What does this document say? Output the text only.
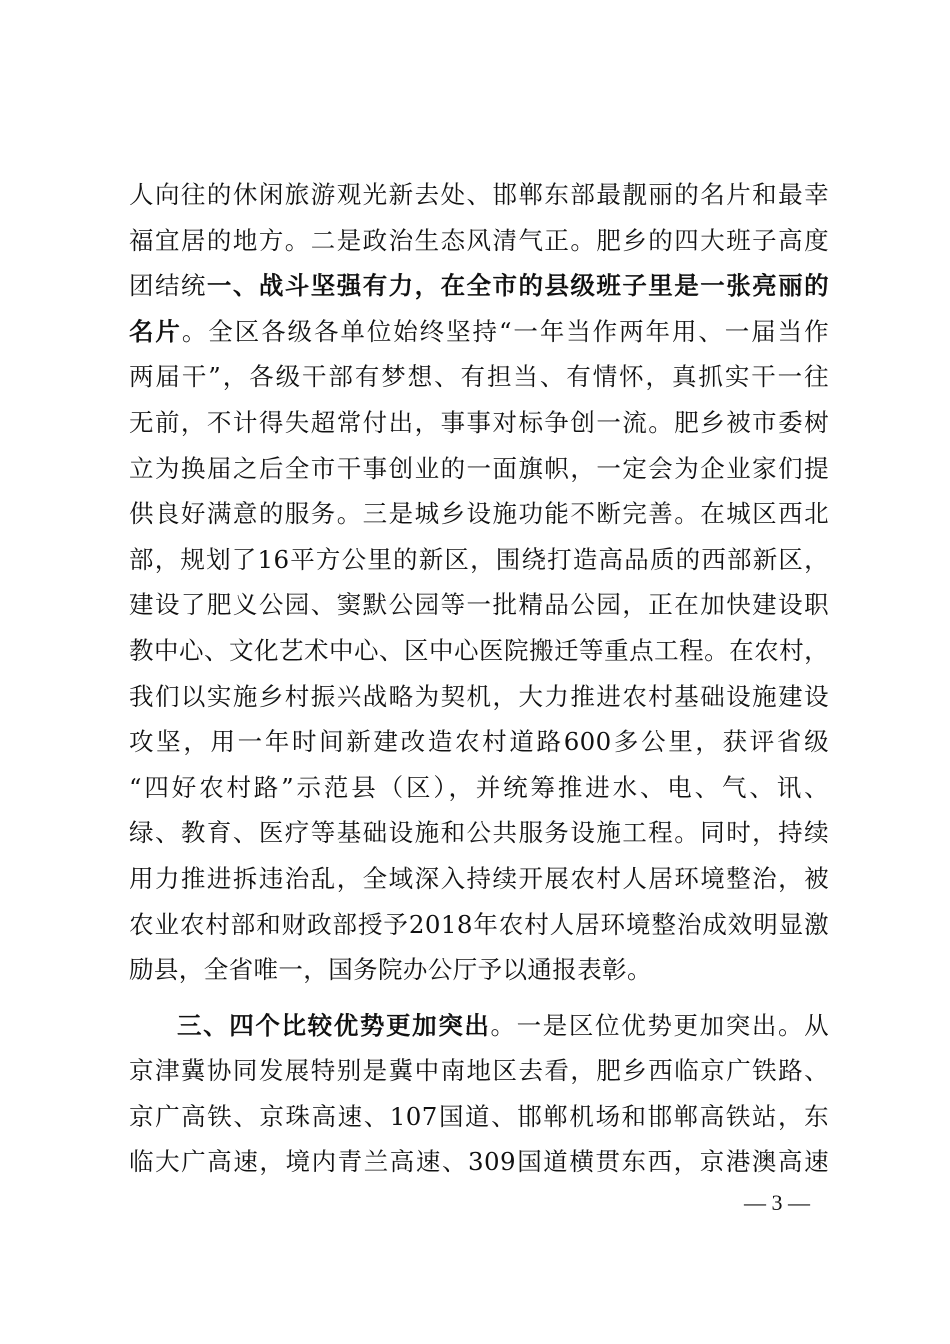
人向往的休闲旅游观光新去处、邯郸东部最靓丽的名片和最幸
福宜居的地方。二是政治生态风清气正。肥乡的四大班子高度
团结统一、战斗坚强有力，在全市的县级班子里是一张亮丽的
名片。全区各级各单位始终坚持“一年当作两年用、一届当作
两届干”，各级干部有梦想、有担当、有情怀，真抓实干一往
无前，不计得失超常付出，事事对标争创一流。肥乡被市委树
立为换届之后全市干事创业的一面旗帜，一定会为企业家们提
供良好满意的服务。三是城乡设施功能不断完善。在城区西北
部，规划了16平方公里的新区，围绕打造高品质的西部新区，
建设了肥义公园、窦默公园等一批精品公园，正在加快建设职
教中心、文化艺术中心、区中心医院搬迁等重点工程。在农村，
我们以实施乡村振兴战略为契机，大力推进农村基础设施建设
攻坚，用一年时间新建改造农村道路600多公里，获评省级
“四好农村路”示范县（区），并统筹推进水、电、气、讯、
绿、教育、医疗等基础设施和公共服务设施工程。同时，持续
用力推进拆违治乱，全域深入持续开展农村人居环境整治，被
农业农村部和财政部授予2018年农村人居环境整治成效明显激
励县，全省唯一，国务院办公厅予以通报表彰。
三、四个比较优势更加突出。一是区位优势更加突出。从
京津冀协同发展特别是冀中南地区去看，肥乡西临京广铁路、
京广高铁、京珠高速、107国道、邯郸机场和邯郸高铁站，东
临大广高速，境内青兰高速、309国道横贯东西，京港澳高速
— 3 —
